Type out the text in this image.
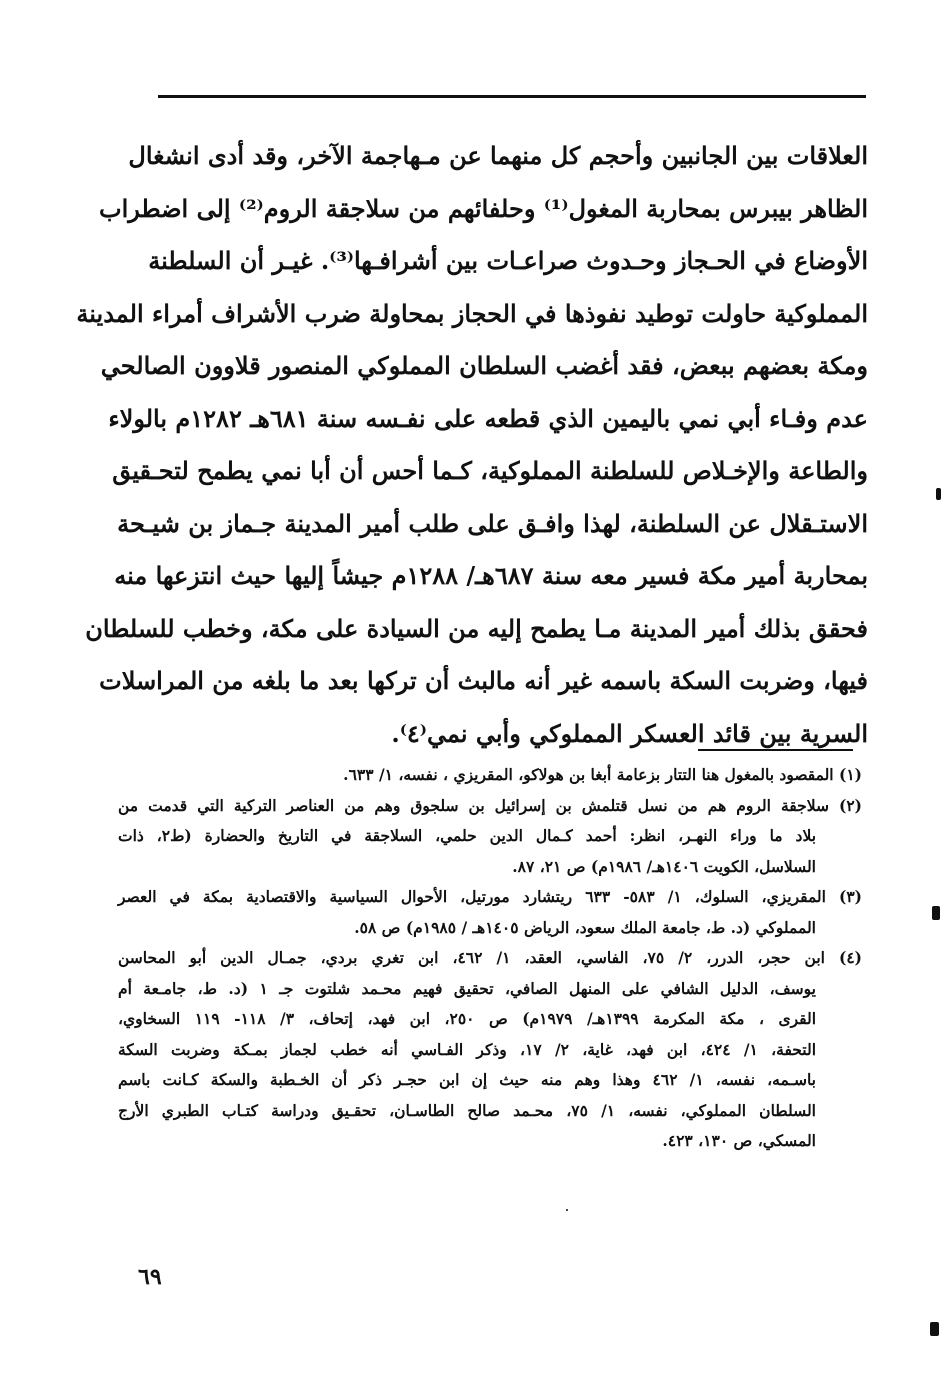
العلاقات بين الجانبين وأحجم كل منهما عن مـهاجمة الآخر، وقد أدى انشغال
الظاهر بيبرس بمحاربة المغول⁽¹⁾ وحلفائهم من سلاجقة الروم⁽²⁾ إلى اضطراب
الأوضاع في الحـجاز وحـدوث صراعـات بين أشرافـها⁽³⁾. غيـر أن السلطنة
المملوكية حاولت توطيد نفوذها في الحجاز بمحاولة ضرب الأشراف أمراء المدينة
ومكة بعضهم ببعض، فقد أغضب السلطان المملوكي المنصور قلاوون الصالحي
عدم وفـاء أبي نمي باليمين الذي قطعه على نفـسه سنة ٦٨١هـ ١٢٨٢م بالولاء
والطاعة والإخـلاص للسلطنة المملوكية، كـما أحس أن أبا نمي يطمح لتحـقيق
الاستـقلال عن السلطنة، لهذا وافـق على طلب أمير المدينة جـماز بن شيـحة
بمحاربة أمير مكة فسير معه سنة ٦٨٧هـ/ ١٢٨٨م جيشاً إليها حيث انتزعها منه
فحقق بذلك أمير المدينة مـا يطمح إليه من السيادة على مكة، وخطب للسلطان
فيها، وضربت السكة باسمه غير أنه مالبث أن تركها بعد ما بلغه من المراسلات
السرية بين قائد العسكر المملوكي وأبي نمي⁽٤⁾.
(١) المقصود بالمغول هنا التتار بزعامة أبغا بن هولاكو، المقريزي ، نفسه، ١/ ٦٣٣.
(٢) سلاجقة الروم هم من نسل قتلمش بن إسرائيل بن سلجوق وهم من العناصر التركية التي قدمت من
بلاد ما وراء النهـر، انظر: أحمد كـمال الدين حلمي، السلاجقة في التاريخ والحضارة (ط٢، ذات
السلاسل، الكويت ١٤٠٦هـ/ ١٩٨٦م) ص ٢١، ٨٧.
(٣) المقريزي، السلوك، ١/ ٥٨٣- ٦٣٣ ريتشارد مورتيل، الأحوال السياسية والاقتصادية بمكة في العصر
المملوكي (د. ط، جامعة الملك سعود، الرياض ١٤٠٥هـ / ١٩٨٥م) ص ٥٨.
(٤) ابن حجر، الدرر، ٢/ ٧٥، الفاسي، العقد، ١/ ٤٦٢، ابن تغري بردي، جمـال الدين أبو المحاسن
يوسف، الدليل الشافي على المنهل الصافي، تحقيق فهيم محـمد شلتوت جـ ١ (د. ط، جامـعة أم
القرى ، مكة المكرمة ١٣٩٩هـ/ ١٩٧٩م) ص ٢٥٠، ابن فهد، إتحاف، ٣/ ١١٨- ١١٩ السخاوي،
التحفة، ١/ ٤٢٤، ابن فهد، غاية، ٢/ ١٧، وذكر الفـاسي أنه خطب لجماز بمـكة وضربت السكة
باسـمه، نفسه، ١/ ٤٦٢ وهذا وهم منه حيث إن ابن حجـر ذكر أن الخـطبة والسكة كـانت باسم
السلطان المملوكي، نفسه، ١/ ٧٥، محـمد صالح الطاسـان، تحقـيق ودراسة كتـاب الطبري الأرج
المسكي، ص ١٣٠، ٤٢٣.
٦٩
